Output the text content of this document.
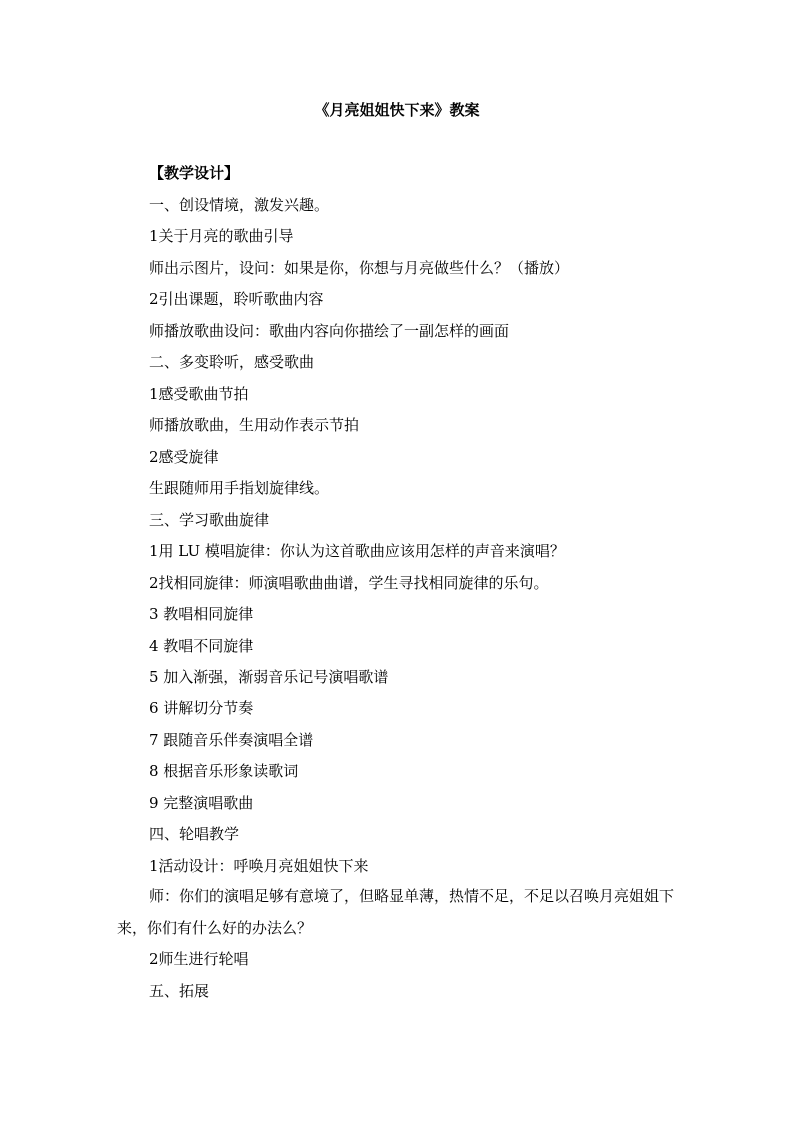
《月亮姐姐快下来》教案
【教学设计】
一、创设情境，激发兴趣。
1关于月亮的歌曲引导
师出示图片，设问：如果是你，你想与月亮做些什么？（播放）
2引出课题，聆听歌曲内容
师播放歌曲设问：歌曲内容向你描绘了一副怎样的画面
二、多变聆听，感受歌曲
1感受歌曲节拍
师播放歌曲，生用动作表示节拍
2感受旋律
生跟随师用手指划旋律线。
三、学习歌曲旋律
1用 LU 模唱旋律：你认为这首歌曲应该用怎样的声音来演唱？
2找相同旋律：师演唱歌曲曲谱，学生寻找相同旋律的乐句。
3 教唱相同旋律
4 教唱不同旋律
5 加入渐强，渐弱音乐记号演唱歌谱
6 讲解切分节奏
7 跟随音乐伴奏演唱全谱
8 根据音乐形象读歌词
9 完整演唱歌曲
四、轮唱教学
1活动设计：呼唤月亮姐姐快下来
师：你们的演唱足够有意境了，但略显单薄，热情不足，不足以召唤月亮姐姐下来，你们有什么好的办法么？
2师生进行轮唱
五、拓展
